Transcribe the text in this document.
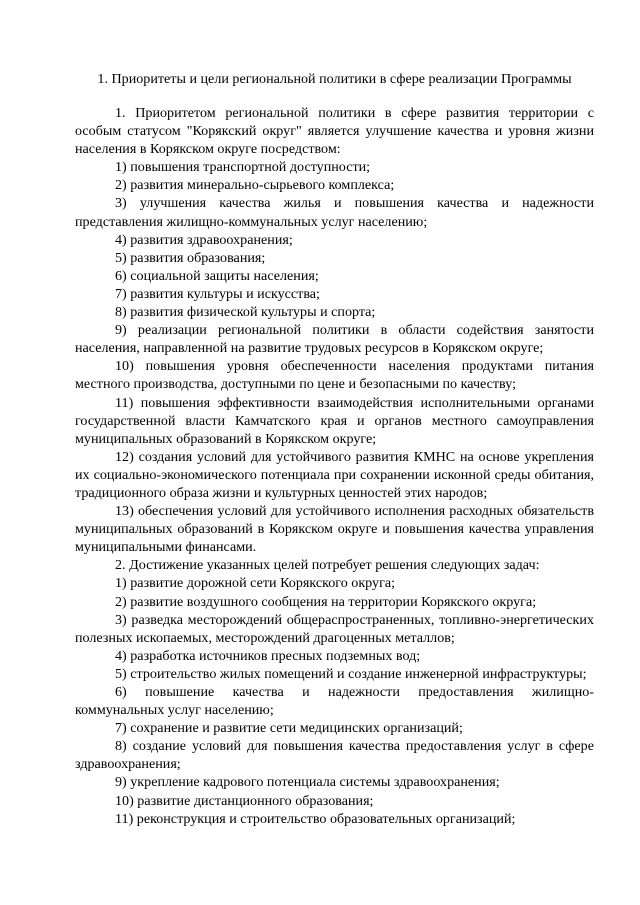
1. Приоритеты и цели региональной политики в сфере реализации Программы

1. Приоритетом региональной политики в сфере развития территории с особым статусом "Корякский округ" является улучшение качества и уровня жизни населения в Корякском округе посредством:

1) повышения транспортной доступности;

2) развития минерально-сырьевого комплекса;

3) улучшения качества жилья и повышения качества и надежности представления жилищно-коммунальных услуг населению;

4) развития здравоохранения;

5) развития образования;

6) социальной защиты населения;

7) развития культуры и искусства;

8) развития физической культуры и спорта;

9) реализации региональной политики в области содействия занятости населения, направленной на развитие трудовых ресурсов в Корякском округе;

10) повышения уровня обеспеченности населения продуктами питания местного производства, доступными по цене и безопасными по качеству;

11) повышения эффективности взаимодействия исполнительными органами государственной власти Камчатского края и органов местного самоуправления муниципальных образований в Корякском округе;

12) создания условий для устойчивого развития КМНС на основе укрепления их социально-экономического потенциала при сохранении исконной среды обитания, традиционного образа жизни и культурных ценностей этих народов;

13) обеспечения условий для устойчивого исполнения расходных обязательств муниципальных образований в Корякском округе и повышения качества управления муниципальными финансами.

2. Достижение указанных целей потребует решения следующих задач:

1) развитие дорожной сети Корякского округа;

2) развитие воздушного сообщения на территории Корякского округа;

3) разведка месторождений общераспространенных, топливно-энергетических полезных ископаемых, месторождений драгоценных металлов;

4) разработка источников пресных подземных вод;

5) строительство жилых помещений и создание инженерной инфраструктуры;

6) повышение качества и надежности предоставления жилищно-коммунальных услуг населению;

7) сохранение и развитие сети медицинских организаций;

8) создание условий для повышения качества предоставления услуг в сфере здравоохранения;

9) укрепление кадрового потенциала системы здравоохранения;

10) развитие дистанционного образования;

11) реконструкция и строительство образовательных организаций;
